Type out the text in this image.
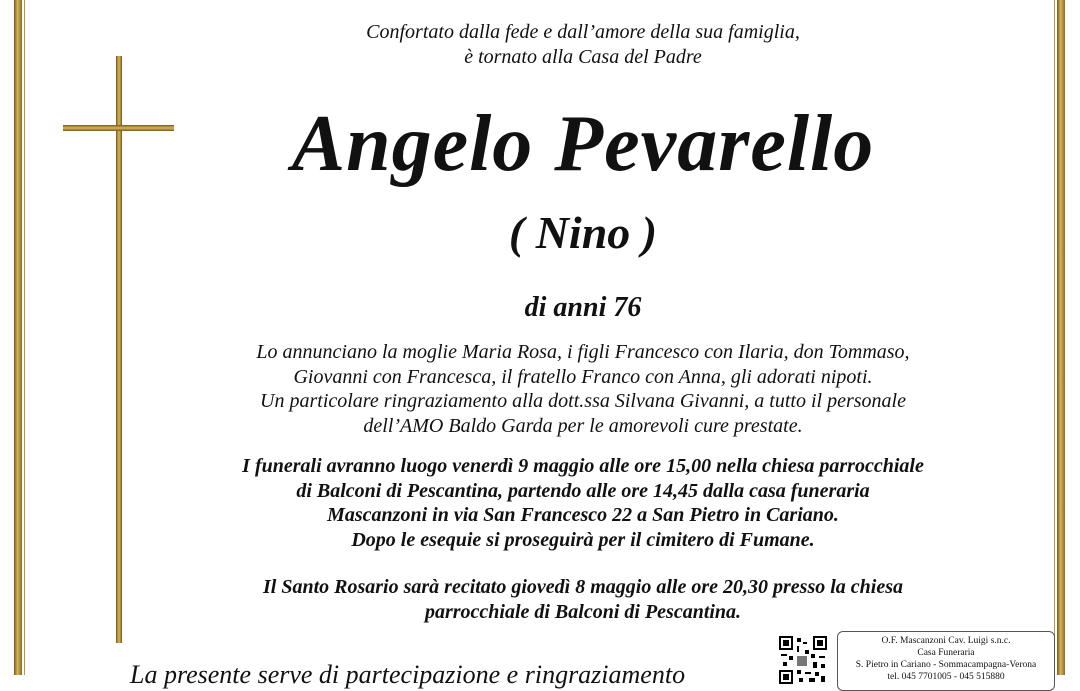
Confortato dalla fede e dall’amore della sua famiglia,
è tornato alla Casa del Padre
Angelo Pevarello
( Nino )
di anni 76
Lo annunciano la moglie Maria Rosa, i figli Francesco con Ilaria, don Tommaso,
Giovanni con Francesca, il fratello Franco con Anna, gli adorati nipoti.
Un particolare ringraziamento alla dott.ssa Silvana Givanni, a tutto il personale
dell’AMO Baldo Garda per le amorevoli cure prestate.
I funerali avranno luogo venerdì 9 maggio alle ore 15,00 nella chiesa parrocchiale
di Balconi di Pescantina, partendo alle ore 14,45 dalla casa funeraria
Mascanzoni in via San Francesco 22 a San Pietro in Cariano.
Dopo le esequie si proseguirà per il cimitero di Fumane.
Il Santo Rosario sarà recitato giovedì 8 maggio alle ore 20,30 presso la chiesa
parrocchiale di Balconi di Pescantina.
La presente serve di partecipazione e ringraziamento
O.F. Mascanzoni Cav. Luigi s.n.c.
Casa Funeraria
S. Pietro in Cariano - Sommacampagna-Verona
tel. 045 7701005 - 045 515880
